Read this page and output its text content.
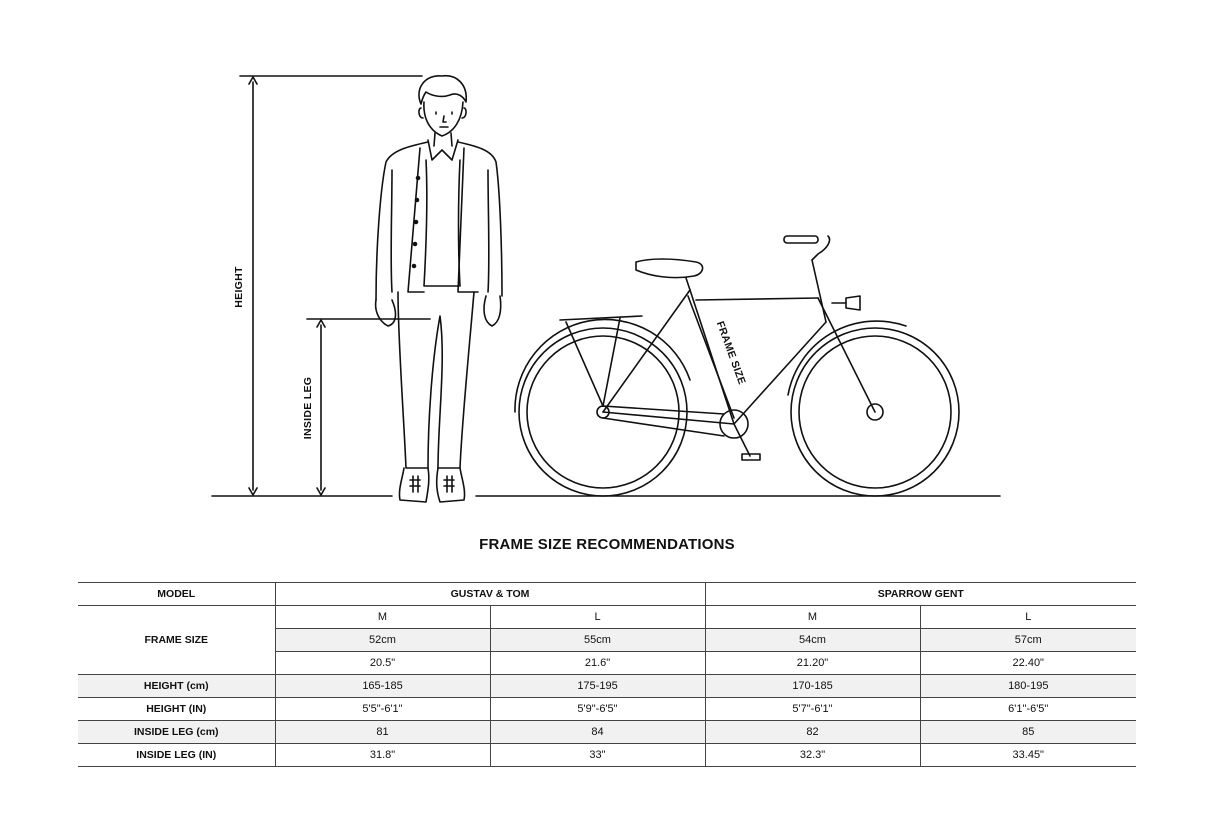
HEIGHT
INSIDE LEG
FRAME SIZE
FRAME SIZE RECOMMENDATIONS
MODEL	GUSTAV & TOM		SPARROW GENT	
FRAME SIZE	M	L	M	L
	52cm	55cm	54cm	57cm
	20.5"	21.6"	21.20"	22.40"
HEIGHT (cm)	165-185	175-195	170-185	180-195
HEIGHT (IN)	5'5"-6'1"	5'9"-6'5"	5'7"-6'1"	6'1"-6'5"
INSIDE LEG (cm)	81	84	82	85
INSIDE LEG (IN)	31.8"	33"	32.3"	33.45"
